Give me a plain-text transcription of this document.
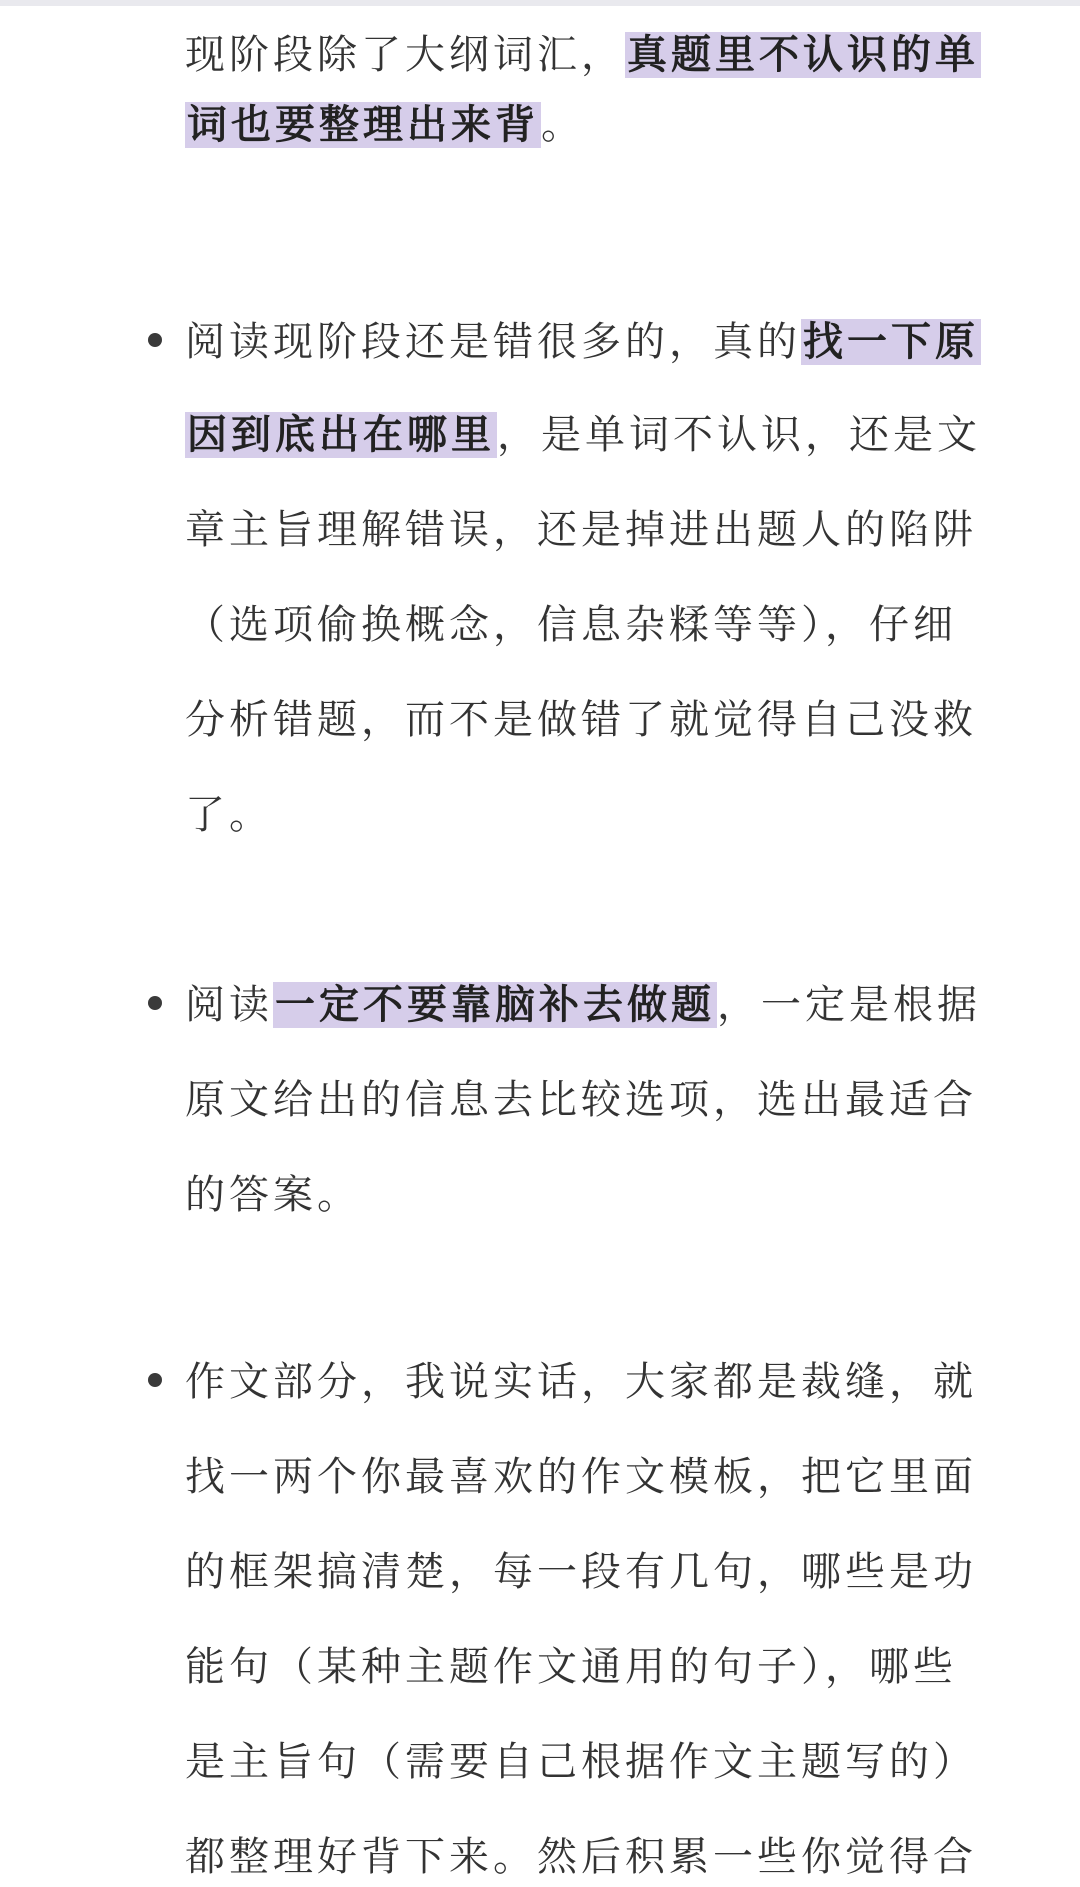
现阶段除了大纲词汇，真题里不认识的单
词也要整理出来背。
阅读现阶段还是错很多的，真的找一下原
因到底出在哪里，是单词不认识，还是文
章主旨理解错误，还是掉进出题人的陷阱
（选项偷换概念，信息杂糅等等），仔细
分析错题，而不是做错了就觉得自己没救
了。
阅读一定不要靠脑补去做题，一定是根据
原文给出的信息去比较选项，选出最适合
的答案。
作文部分，我说实话，大家都是裁缝，就
找一两个你最喜欢的作文模板，把它里面
的框架搞清楚，每一段有几句，哪些是功
能句（某种主题作文通用的句子），哪些
是主旨句（需要自己根据作文主题写的）
都整理好背下来。然后积累一些你觉得合
